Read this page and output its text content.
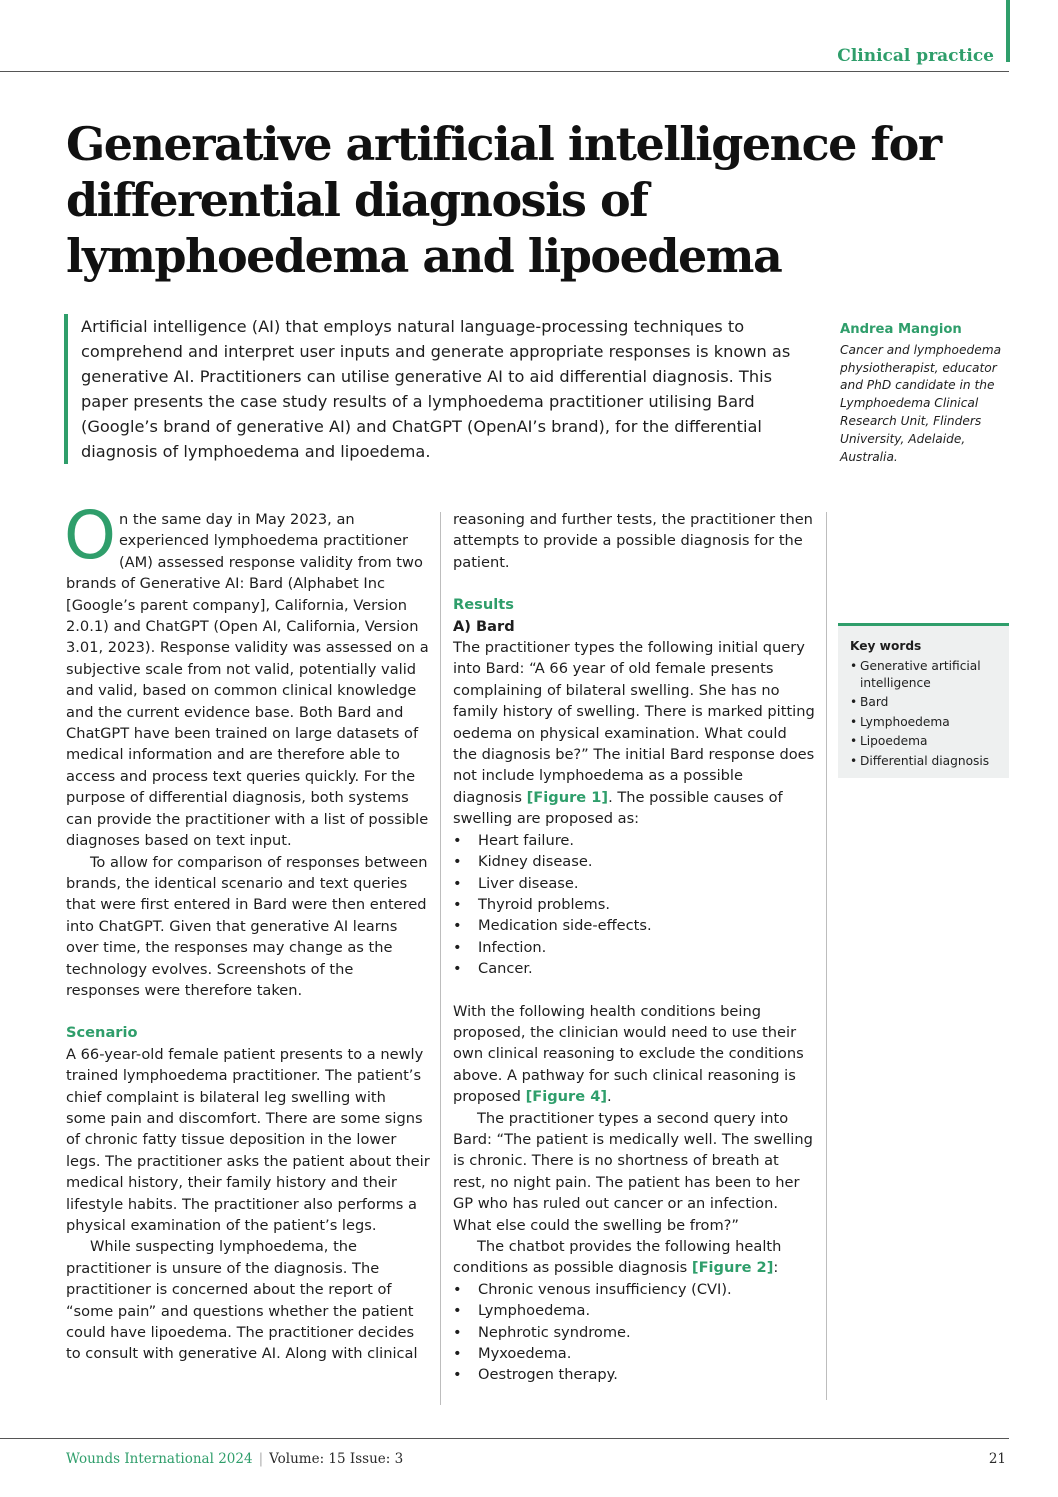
Clinical practice
Generative artificial intelligence for differential diagnosis of lymphoedema and lipoedema
Artificial intelligence (AI) that employs natural language-processing techniques to comprehend and interpret user inputs and generate appropriate responses is known as generative AI. Practitioners can utilise generative AI to aid differential diagnosis. This paper presents the case study results of a lymphoedema practitioner utilising Bard (Google’s brand of generative AI) and ChatGPT (OpenAI’s brand), for the differential diagnosis of lymphoedema and lipoedema.
Andrea Mangion
Cancer and lymphoedema physiotherapist, educator and PhD candidate in the Lymphoedema Clinical Research Unit, Flinders University, Adelaide, Australia.
Key words
• Generative artificial intelligence
• Bard
• Lymphoedema
• Lipoedema
• Differential diagnosis

On the same day in May 2023, an experienced lymphoedema practitioner (AM) assessed response validity from two brands of Generative AI: Bard (Alphabet Inc [Google’s parent company], California, Version 2.0.1) and ChatGPT (Open AI, California, Version 3.01, 2023). Response validity was assessed on a subjective scale from not valid, potentially valid and valid, based on common clinical knowledge and the current evidence base. Both Bard and ChatGPT have been trained on large datasets of medical information and are therefore able to access and process text queries quickly. For the purpose of differential diagnosis, both systems can provide the practitioner with a list of possible diagnoses based on text input.

To allow for comparison of responses between brands, the identical scenario and text queries that were first entered in Bard were then entered into ChatGPT. Given that generative AI learns over time, the responses may change as the technology evolves. Screenshots of the responses were therefore taken.

Scenario

A 66-year-old female patient presents to a newly trained lymphoedema practitioner. The patient’s chief complaint is bilateral leg swelling with some pain and discomfort. There are some signs of chronic fatty tissue deposition in the lower legs. The practitioner asks the patient about their medical history, their family history and their lifestyle habits. The practitioner also performs a physical examination of the patient’s legs.

While suspecting lymphoedema, the practitioner is unsure of the diagnosis. The practitioner is concerned about the report of “some pain” and questions whether the patient could have lipoedema. The practitioner decides to consult with generative AI. Along with clinical

reasoning and further tests, the practitioner then attempts to provide a possible diagnosis for the patient.

Results

A) Bard

The practitioner types the following initial query into Bard: “A 66 year of old female presents complaining of bilateral swelling. She has no family history of swelling. There is marked pitting oedema on physical examination. What could the diagnosis be?” The initial Bard response does not include lymphoedema as a possible diagnosis [Figure 1]. The possible causes of swelling are proposed as:

• Heart failure.
• Kidney disease.
• Liver disease.
• Thyroid problems.
• Medication side-effects.
• Infection.
• Cancer.

With the following health conditions being proposed, the clinician would need to use their own clinical reasoning to exclude the conditions above. A pathway for such clinical reasoning is proposed [Figure 4].

The practitioner types a second query into Bard: “The patient is medically well. The swelling is chronic. There is no shortness of breath at rest, no night pain. The patient has been to her GP who has ruled out cancer or an infection. What else could the swelling be from?”

The chatbot provides the following health conditions as possible diagnosis [Figure 2]:

• Chronic venous insufficiency (CVI).
• Lymphoedema.
• Nephrotic syndrome.
• Myxoedema.
• Oestrogen therapy.
Wounds International 2024 | Volume: 15 Issue: 3	21
